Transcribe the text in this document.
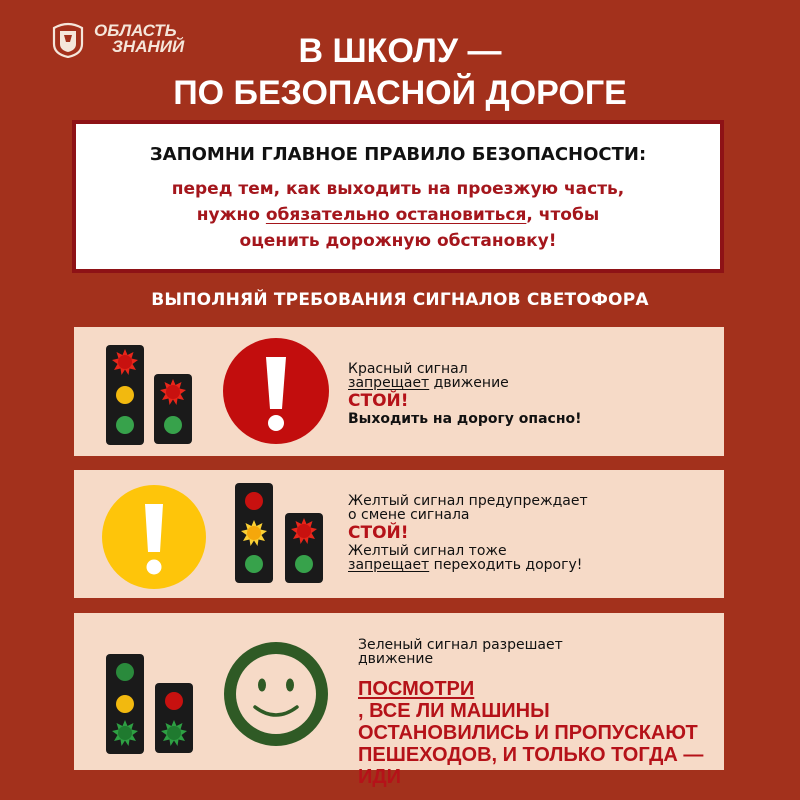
ОБЛАСТЬ
ЗНАНИЙ	В ШКОЛУ —
ПО БЕЗОПАСНОЙ ДОРОГЕ
ЗАПОМНИ ГЛАВНОЕ ПРАВИЛО БЕЗОПАСНОСТИ:
перед тем, как выходить на проезжую часть,
нужно обязательно остановиться, чтобы
оценить дорожную обстановку!
ВЫПОЛНЯЙ ТРЕБОВАНИЯ СИГНАЛОВ СВЕТОФОРА
Красный сигнал
запрещает движение
СТОЙ!
Выходить на дорогу опасно!
Желтый сигнал предупреждает
о смене сигнала
СТОЙ!
Желтый сигнал тоже
запрещает переходить дорогу!
Зеленый сигнал разрешает
движение
ПОСМОТРИ
, ВСЕ ЛИ МАШИНЫ
ОСТАНОВИЛИСЬ И ПРОПУСКАЮТ
ПЕШЕХОДОВ, И ТОЛЬКО ТОГДА —
ИДИ
